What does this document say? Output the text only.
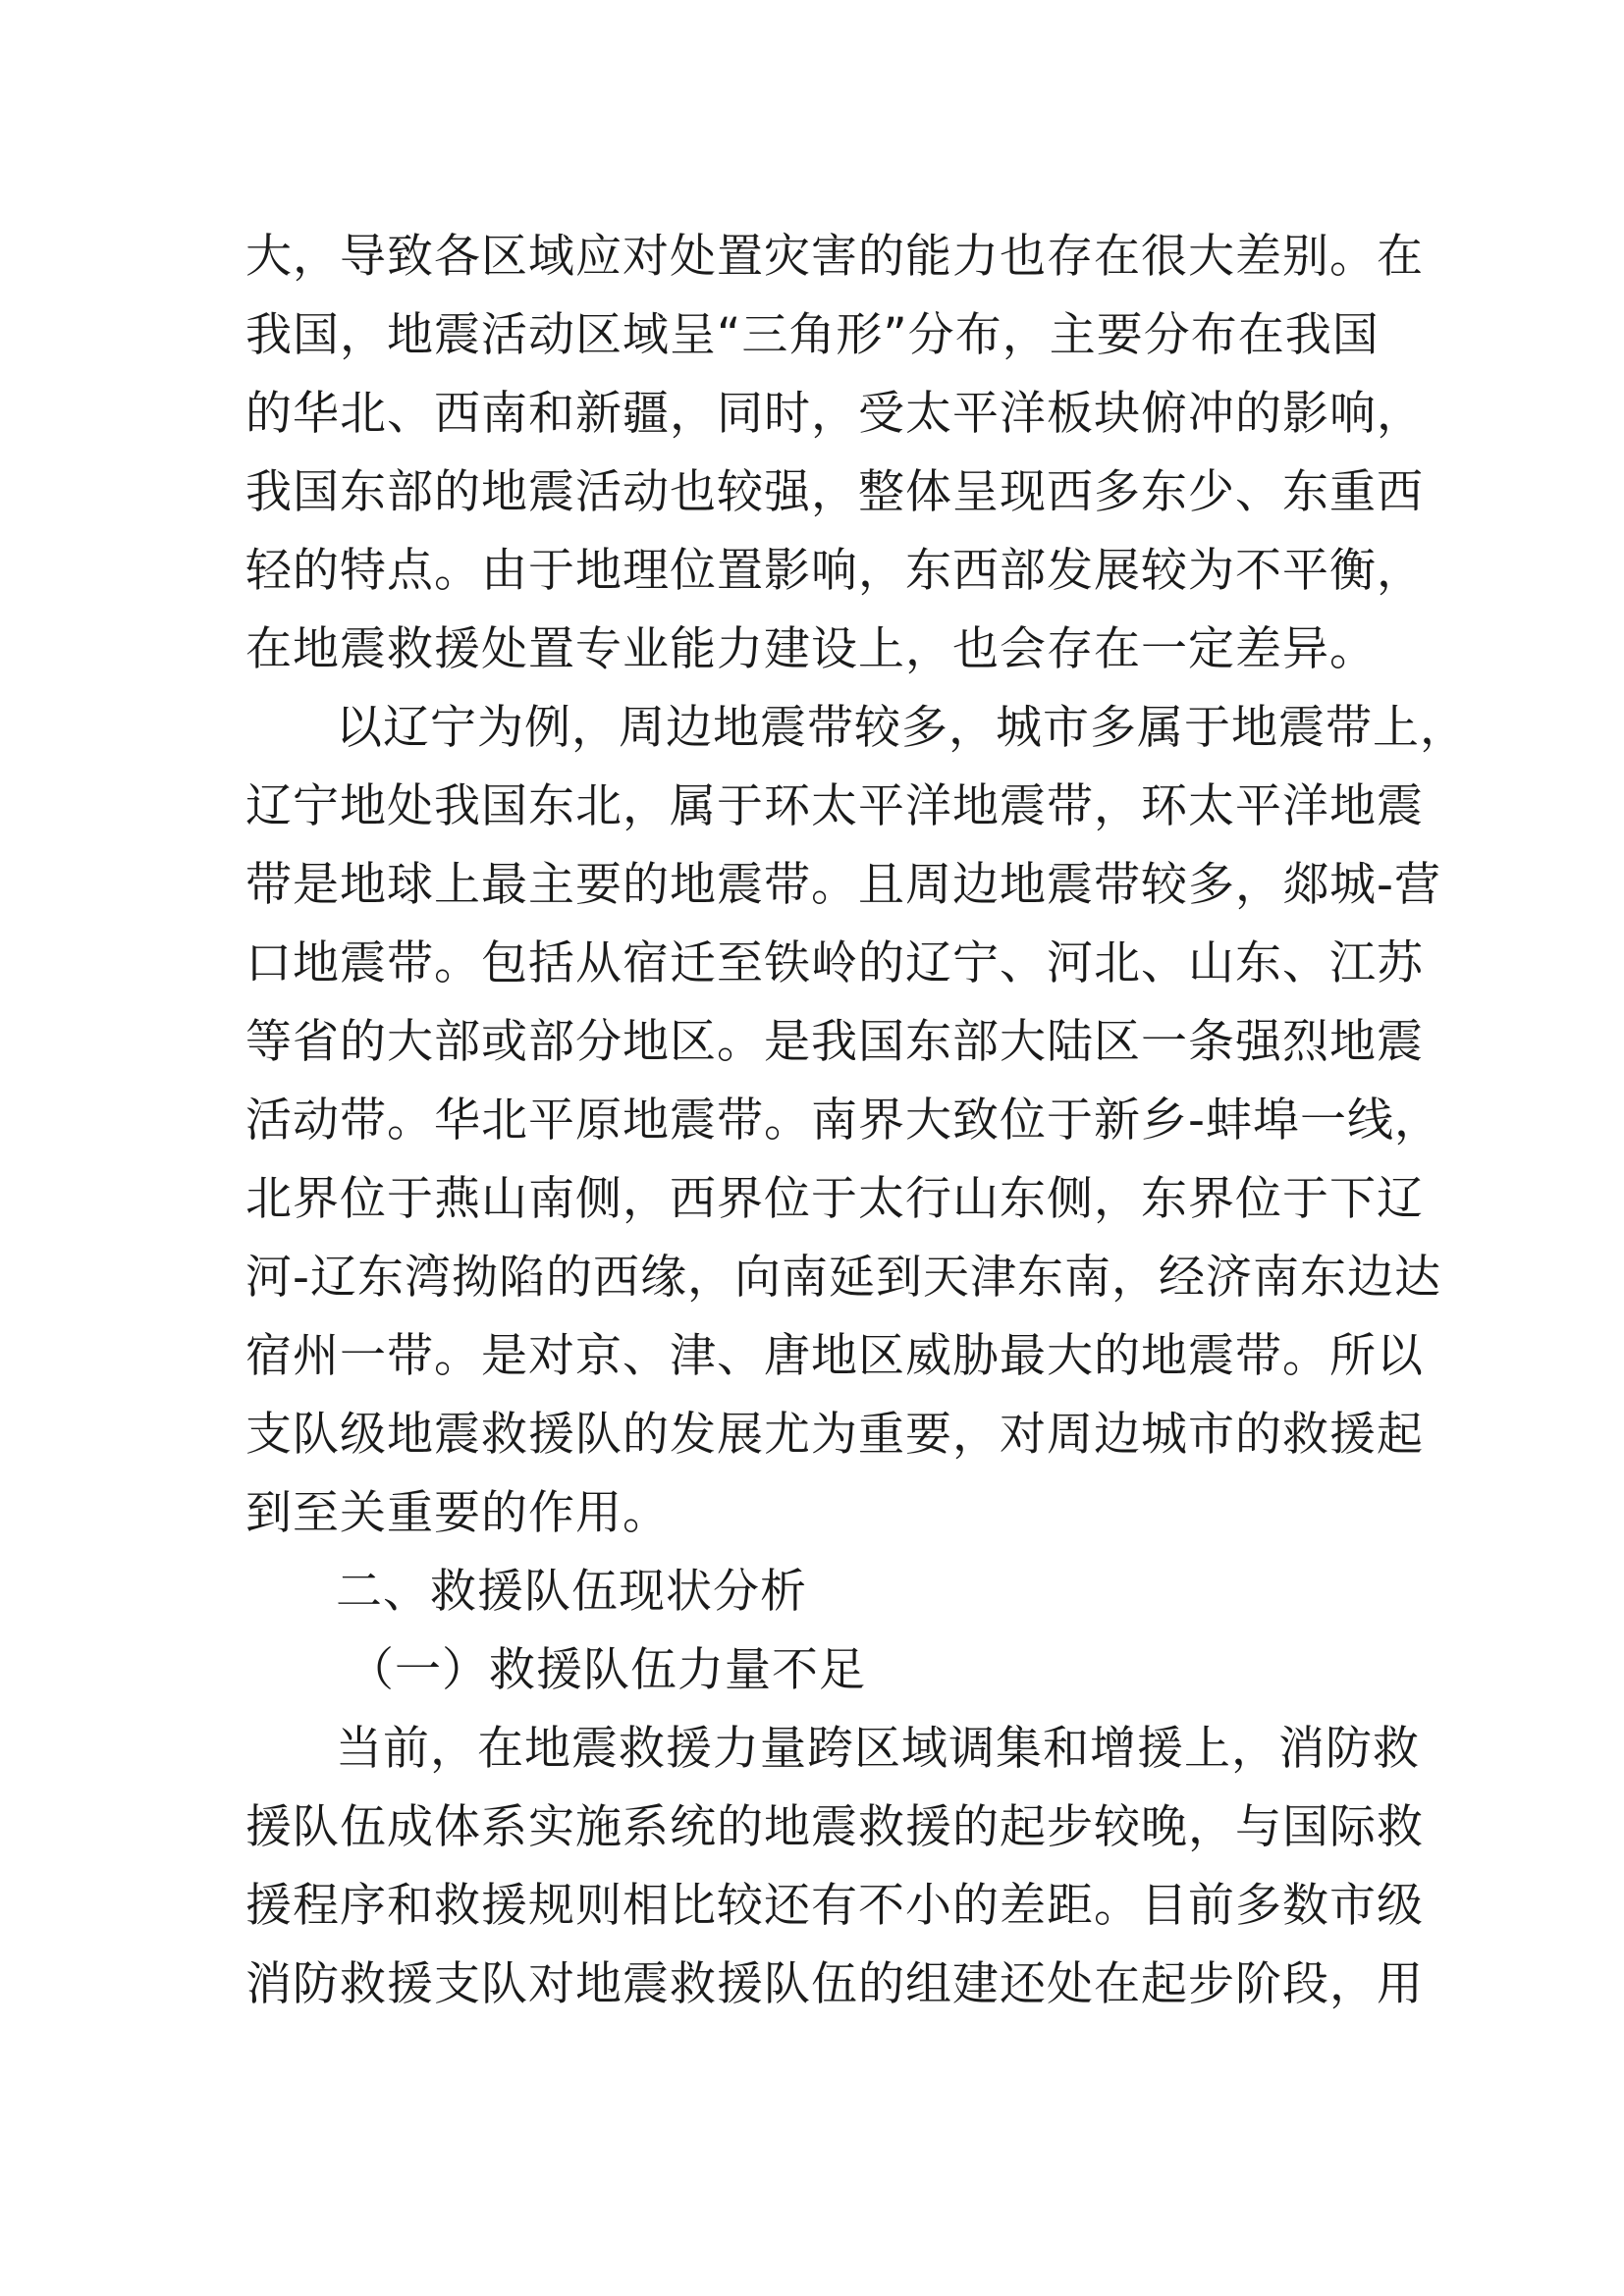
大，导致各区域应对处置灾害的能力也存在很大差别。在
我国，地震活动区域呈“三角形”分布，主要分布在我国
的华北、西南和新疆，同时，受太平洋板块俯冲的影响，
我国东部的地震活动也较强，整体呈现西多东少、东重西
轻的特点。由于地理位置影响，东西部发展较为不平衡，
在地震救援处置专业能力建设上，也会存在一定差异。
以辽宁为例，周边地震带较多，城市多属于地震带上，
辽宁地处我国东北，属于环太平洋地震带，环太平洋地震
带是地球上最主要的地震带。且周边地震带较多，郯城-营
口地震带。包括从宿迁至铁岭的辽宁、河北、山东、江苏
等省的大部或部分地区。是我国东部大陆区一条强烈地震
活动带。华北平原地震带。南界大致位于新乡-蚌埠一线，
北界位于燕山南侧，西界位于太行山东侧，东界位于下辽
河-辽东湾拗陷的西缘，向南延到天津东南，经济南东边达
宿州一带。是对京、津、唐地区威胁最大的地震带。所以
支队级地震救援队的发展尤为重要，对周边城市的救援起
到至关重要的作用。
二、救援队伍现状分析
（一）救援队伍力量不足
当前，在地震救援力量跨区域调集和增援上，消防救
援队伍成体系实施系统的地震救援的起步较晚，与国际救
援程序和救援规则相比较还有不小的差距。目前多数市级
消防救援支队对地震救援队伍的组建还处在起步阶段，用
